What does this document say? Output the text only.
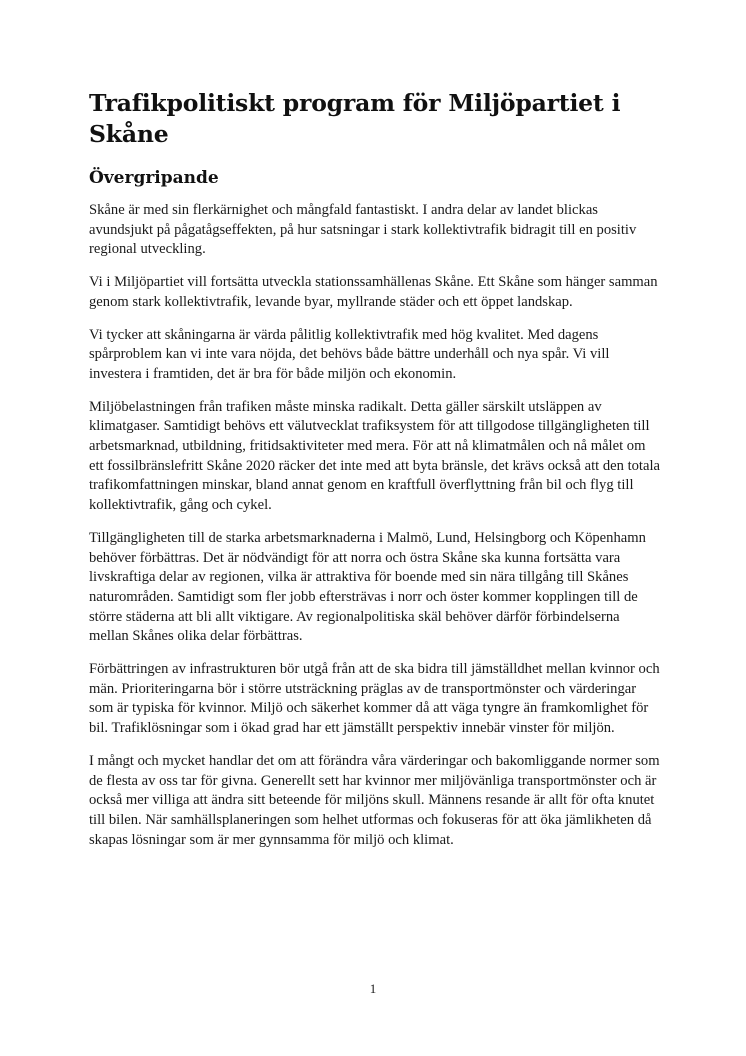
Trafikpolitiskt program för Miljöpartiet i Skåne
Övergripande

Skåne är med sin flerkärnighet och mångfald fantastiskt. I andra delar av landet blickas avundsjukt på pågatågseffekten, på hur satsningar i stark kollektivtrafik bidragit till en positiv regional utveckling.

Vi i Miljöpartiet vill fortsätta utveckla stationssamhällenas Skåne. Ett Skåne som hänger samman genom stark kollektivtrafik, levande byar, myllrande städer och ett öppet landskap.

Vi tycker att skåningarna är värda pålitlig kollektivtrafik med hög kvalitet. Med dagens spårproblem kan vi inte vara nöjda, det behövs både bättre underhåll och nya spår. Vi vill investera i framtiden, det är bra för både miljön och ekonomin.

Miljöbelastningen från trafiken måste minska radikalt. Detta gäller särskilt utsläppen av klimatgaser. Samtidigt behövs ett välutvecklat trafiksystem för att tillgodose tillgängligheten till arbetsmarknad, utbildning, fritidsaktiviteter med mera. För att nå klimatmålen och nå målet om ett fossilbränslefritt Skåne 2020 räcker det inte med att byta bränsle, det krävs också att den totala trafikomfattningen minskar, bland annat genom en kraftfull överflyttning från bil och flyg till kollektivtrafik, gång och cykel.

Tillgängligheten till de starka arbetsmarknaderna i Malmö, Lund, Helsingborg och Köpenhamn behöver förbättras. Det är nödvändigt för att norra och östra Skåne ska kunna fortsätta vara livskraftiga delar av regionen, vilka är attraktiva för boende med sin nära tillgång till Skånes naturområden. Samtidigt som fler jobb eftersträvas i norr och öster kommer kopplingen till de större städerna att bli allt viktigare. Av regionalpolitiska skäl behöver därför förbindelserna mellan Skånes olika delar förbättras.

Förbättringen av infrastrukturen bör utgå från att de ska bidra till jämställdhet mellan kvinnor och män. Prioriteringarna bör i större utsträckning präglas av de transportmönster och värderingar som är typiska för kvinnor. Miljö och säkerhet kommer då att väga tyngre än framkomlighet för bil. Trafiklösningar som i ökad grad har ett jämställt perspektiv innebär vinster för miljön.

I mångt och mycket handlar det om att förändra våra värderingar och bakomliggande normer som de flesta av oss tar för givna. Generellt sett har kvinnor mer miljövänliga transportmönster och är också mer villiga att ändra sitt beteende för miljöns skull. Männens resande är allt för ofta knutet till bilen. När samhällsplaneringen som helhet utformas och fokuseras för att öka jämlikheten då skapas lösningar som är mer gynnsamma för miljö och klimat.

1
